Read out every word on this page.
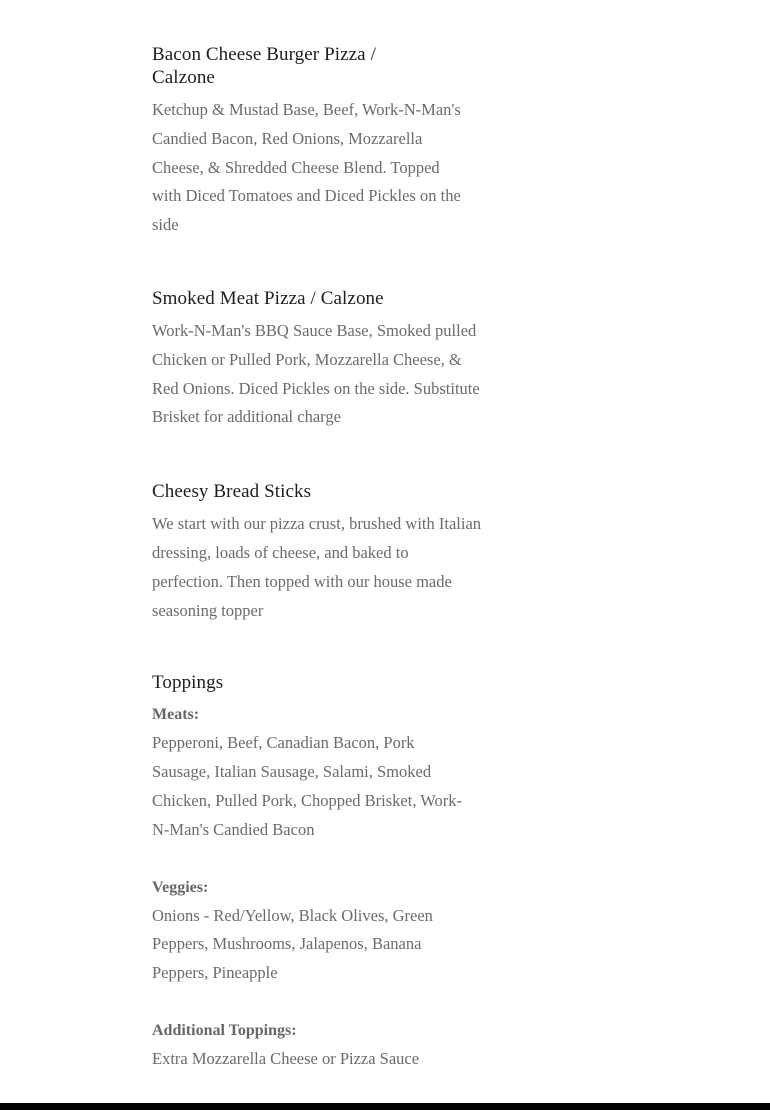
Bacon Cheese Burger Pizza / Calzone

Ketchup & Mustad Base, Beef, Work-N-Man's Candied Bacon, Red Onions, Mozzarella Cheese, & Shredded Cheese Blend. Topped with Diced Tomatoes and Diced Pickles on the side

Smoked Meat Pizza / Calzone

Work-N-Man's BBQ Sauce Base, Smoked pulled Chicken or Pulled Pork, Mozzarella Cheese, & Red Onions. Diced Pickles on the side. Substitute Brisket for additional charge

Cheesy Bread Sticks

We start with our pizza crust, brushed with Italian dressing, loads of cheese, and baked to perfection. Then topped with our house made seasoning topper

Toppings

Meats:

Pepperoni, Beef, Canadian Bacon, Pork Sausage, Italian Sausage, Salami, Smoked Chicken, Pulled Pork, Chopped Brisket, Work-N-Man's Candied Bacon

Veggies:

Onions - Red/Yellow, Black Olives, Green Peppers, Mushrooms, Jalapenos, Banana Peppers, Pineapple

Additional Toppings:

Extra Mozzarella Cheese or Pizza Sauce
